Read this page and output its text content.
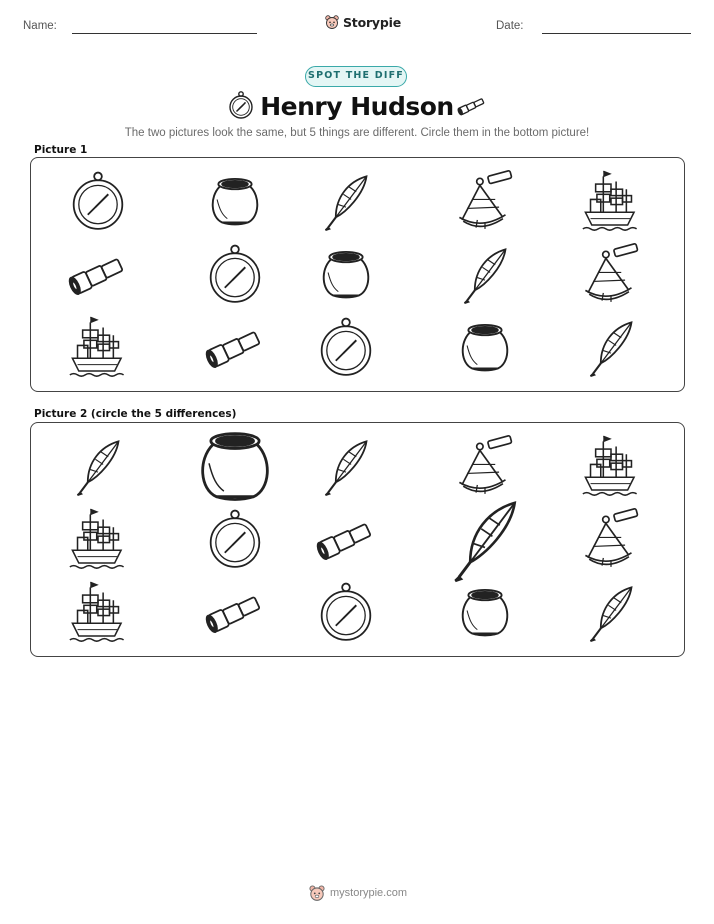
Name:	Storypie	Date:
SPOT THE DIFF
Henry Hudson
The two pictures look the same, but 5 things are different. Circle them in the bottom picture!
Picture 1
Picture 2 (circle the 5 differences)
mystorypie.com
